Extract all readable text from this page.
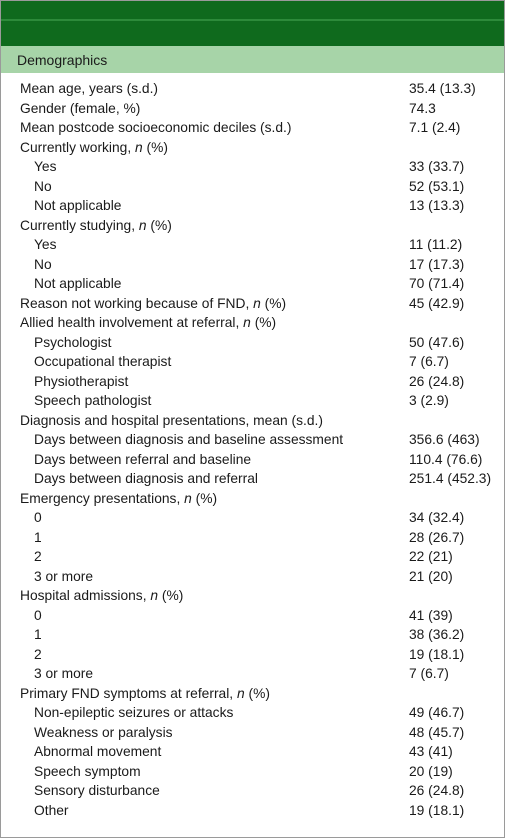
Demographics
Mean age, years (s.d.)	35.4 (13.3)
Gender (female, %)	74.3
Mean postcode socioeconomic deciles (s.d.)	7.1 (2.4)
Currently working, n (%)	
Yes	33 (33.7)
No	52 (53.1)
Not applicable	13 (13.3)
Currently studying, n (%)	
Yes	11 (11.2)
No	17 (17.3)
Not applicable	70 (71.4)
Reason not working because of FND, n (%)	45 (42.9)
Allied health involvement at referral, n (%)	
Psychologist	50 (47.6)
Occupational therapist	7 (6.7)
Physiotherapist	26 (24.8)
Speech pathologist	3 (2.9)
Diagnosis and hospital presentations, mean (s.d.)	
Days between diagnosis and baseline assessment	356.6 (463)
Days between referral and baseline	110.4 (76.6)
Days between diagnosis and referral	251.4 (452.3)
Emergency presentations, n (%)	
0	34 (32.4)
1	28 (26.7)
2	22 (21)
3 or more	21 (20)
Hospital admissions, n (%)	
0	41 (39)
1	38 (36.2)
2	19 (18.1)
3 or more	7 (6.7)
Primary FND symptoms at referral, n (%)	
Non-epileptic seizures or attacks	49 (46.7)
Weakness or paralysis	48 (45.7)
Abnormal movement	43 (41)
Speech symptom	20 (19)
Sensory disturbance	26 (24.8)
Other	19 (18.1)
